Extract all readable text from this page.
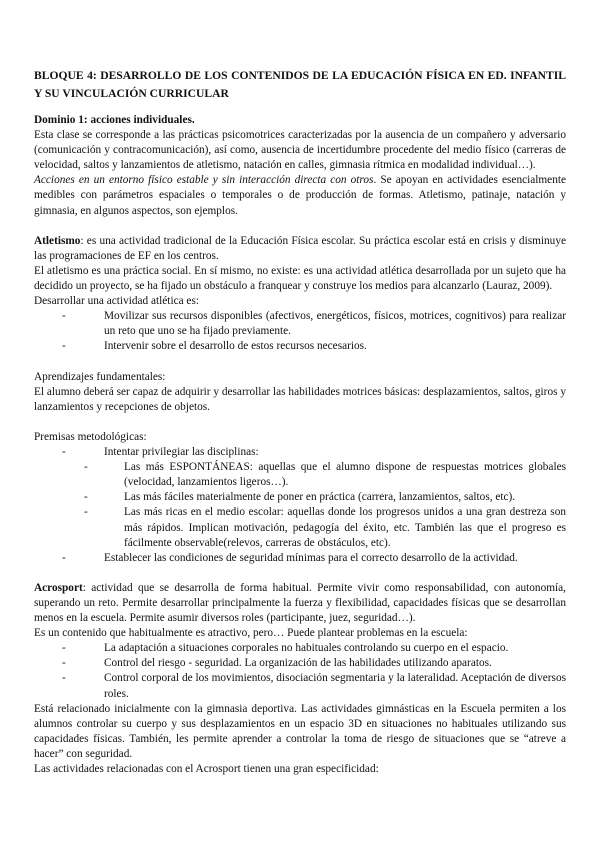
BLOQUE 4: DESARROLLO DE LOS CONTENIDOS DE LA EDUCACIÓN FÍSICA EN ED. INFANTIL Y SU VINCULACIÓN CURRICULAR

Dominio 1: acciones individuales.

Esta clase se corresponde a las prácticas psicomotrices caracterizadas por la ausencia de un compañero y adversario (comunicación y contracomunicación), así como, ausencia de incertidumbre procedente del medio físico (carreras de velocidad, saltos y lanzamientos de atletismo, natación en calles, gimnasia rítmica en modalidad individual…).

Acciones en un entorno físico estable y sin interacción directa con otros. Se apoyan en actividades esencialmente medibles con parámetros espaciales o temporales o de producción de formas. Atletismo, patinaje, natación y gimnasia, en algunos aspectos, son ejemplos.

Atletismo: es una actividad tradicional de la Educación Física escolar. Su práctica escolar está en crisis y disminuye las programaciones de EF en los centros.

El atletismo es una práctica social. En sí mismo, no existe: es una actividad atlética desarrollada por un sujeto que ha decidido un proyecto, se ha fijado un obstáculo a franquear y construye los medios para alcanzarlo (Lauraz, 2009).

Desarrollar una actividad atlética es:

- Movilizar sus recursos disponibles (afectivos, energéticos, físicos, motrices, cognitivos) para realizar un reto que uno se ha fijado previamente.
- Intervenir sobre el desarrollo de estos recursos necesarios.

Aprendizajes fundamentales:

El alumno deberá ser capaz de adquirir y desarrollar las habilidades motrices básicas: desplazamientos, saltos, giros y lanzamientos y recepciones de objetos.

Premisas metodológicas:

- Intentar privilegiar las disciplinas:
- Las más ESPONTÁNEAS: aquellas que el alumno dispone de respuestas motrices globales (velocidad, lanzamientos ligeros…).
- Las más fáciles materialmente de poner en práctica (carrera, lanzamientos, saltos, etc).
- Las más ricas en el medio escolar: aquellas donde los progresos unidos a una gran destreza son más rápidos. Implican motivación, pedagogía del éxito, etc. También las que el progreso es fácilmente observable(relevos, carreras de obstáculos, etc).
- Establecer las condiciones de seguridad mínimas para el correcto desarrollo de la actividad.

Acrosport: actividad que se desarrolla de forma habitual. Permite vivir como responsabilidad, con autonomía, superando un reto. Permite desarrollar principalmente la fuerza y flexibilidad, capacidades físicas que se desarrollan menos en la escuela. Permite asumir diversos roles (participante, juez, seguridad…).

Es un contenido que habitualmente es atractivo, pero… Puede plantear problemas en la escuela:

- La adaptación a situaciones corporales no habituales controlando su cuerpo en el espacio.
- Control del riesgo - seguridad. La organización de las habilidades utilizando aparatos.
- Control corporal de los movimientos, disociación segmentaria y la lateralidad. Aceptación de diversos roles.

Está relacionado inicialmente con la gimnasia deportiva. Las actividades gimnásticas en la Escuela permiten a los alumnos controlar su cuerpo y sus desplazamientos en un espacio 3D en situaciones no habituales utilizando sus capacidades físicas. También, les permite aprender a controlar la toma de riesgo de situaciones que se “atreve a hacer” con seguridad.

Las actividades relacionadas con el Acrosport tienen una gran especificidad:
